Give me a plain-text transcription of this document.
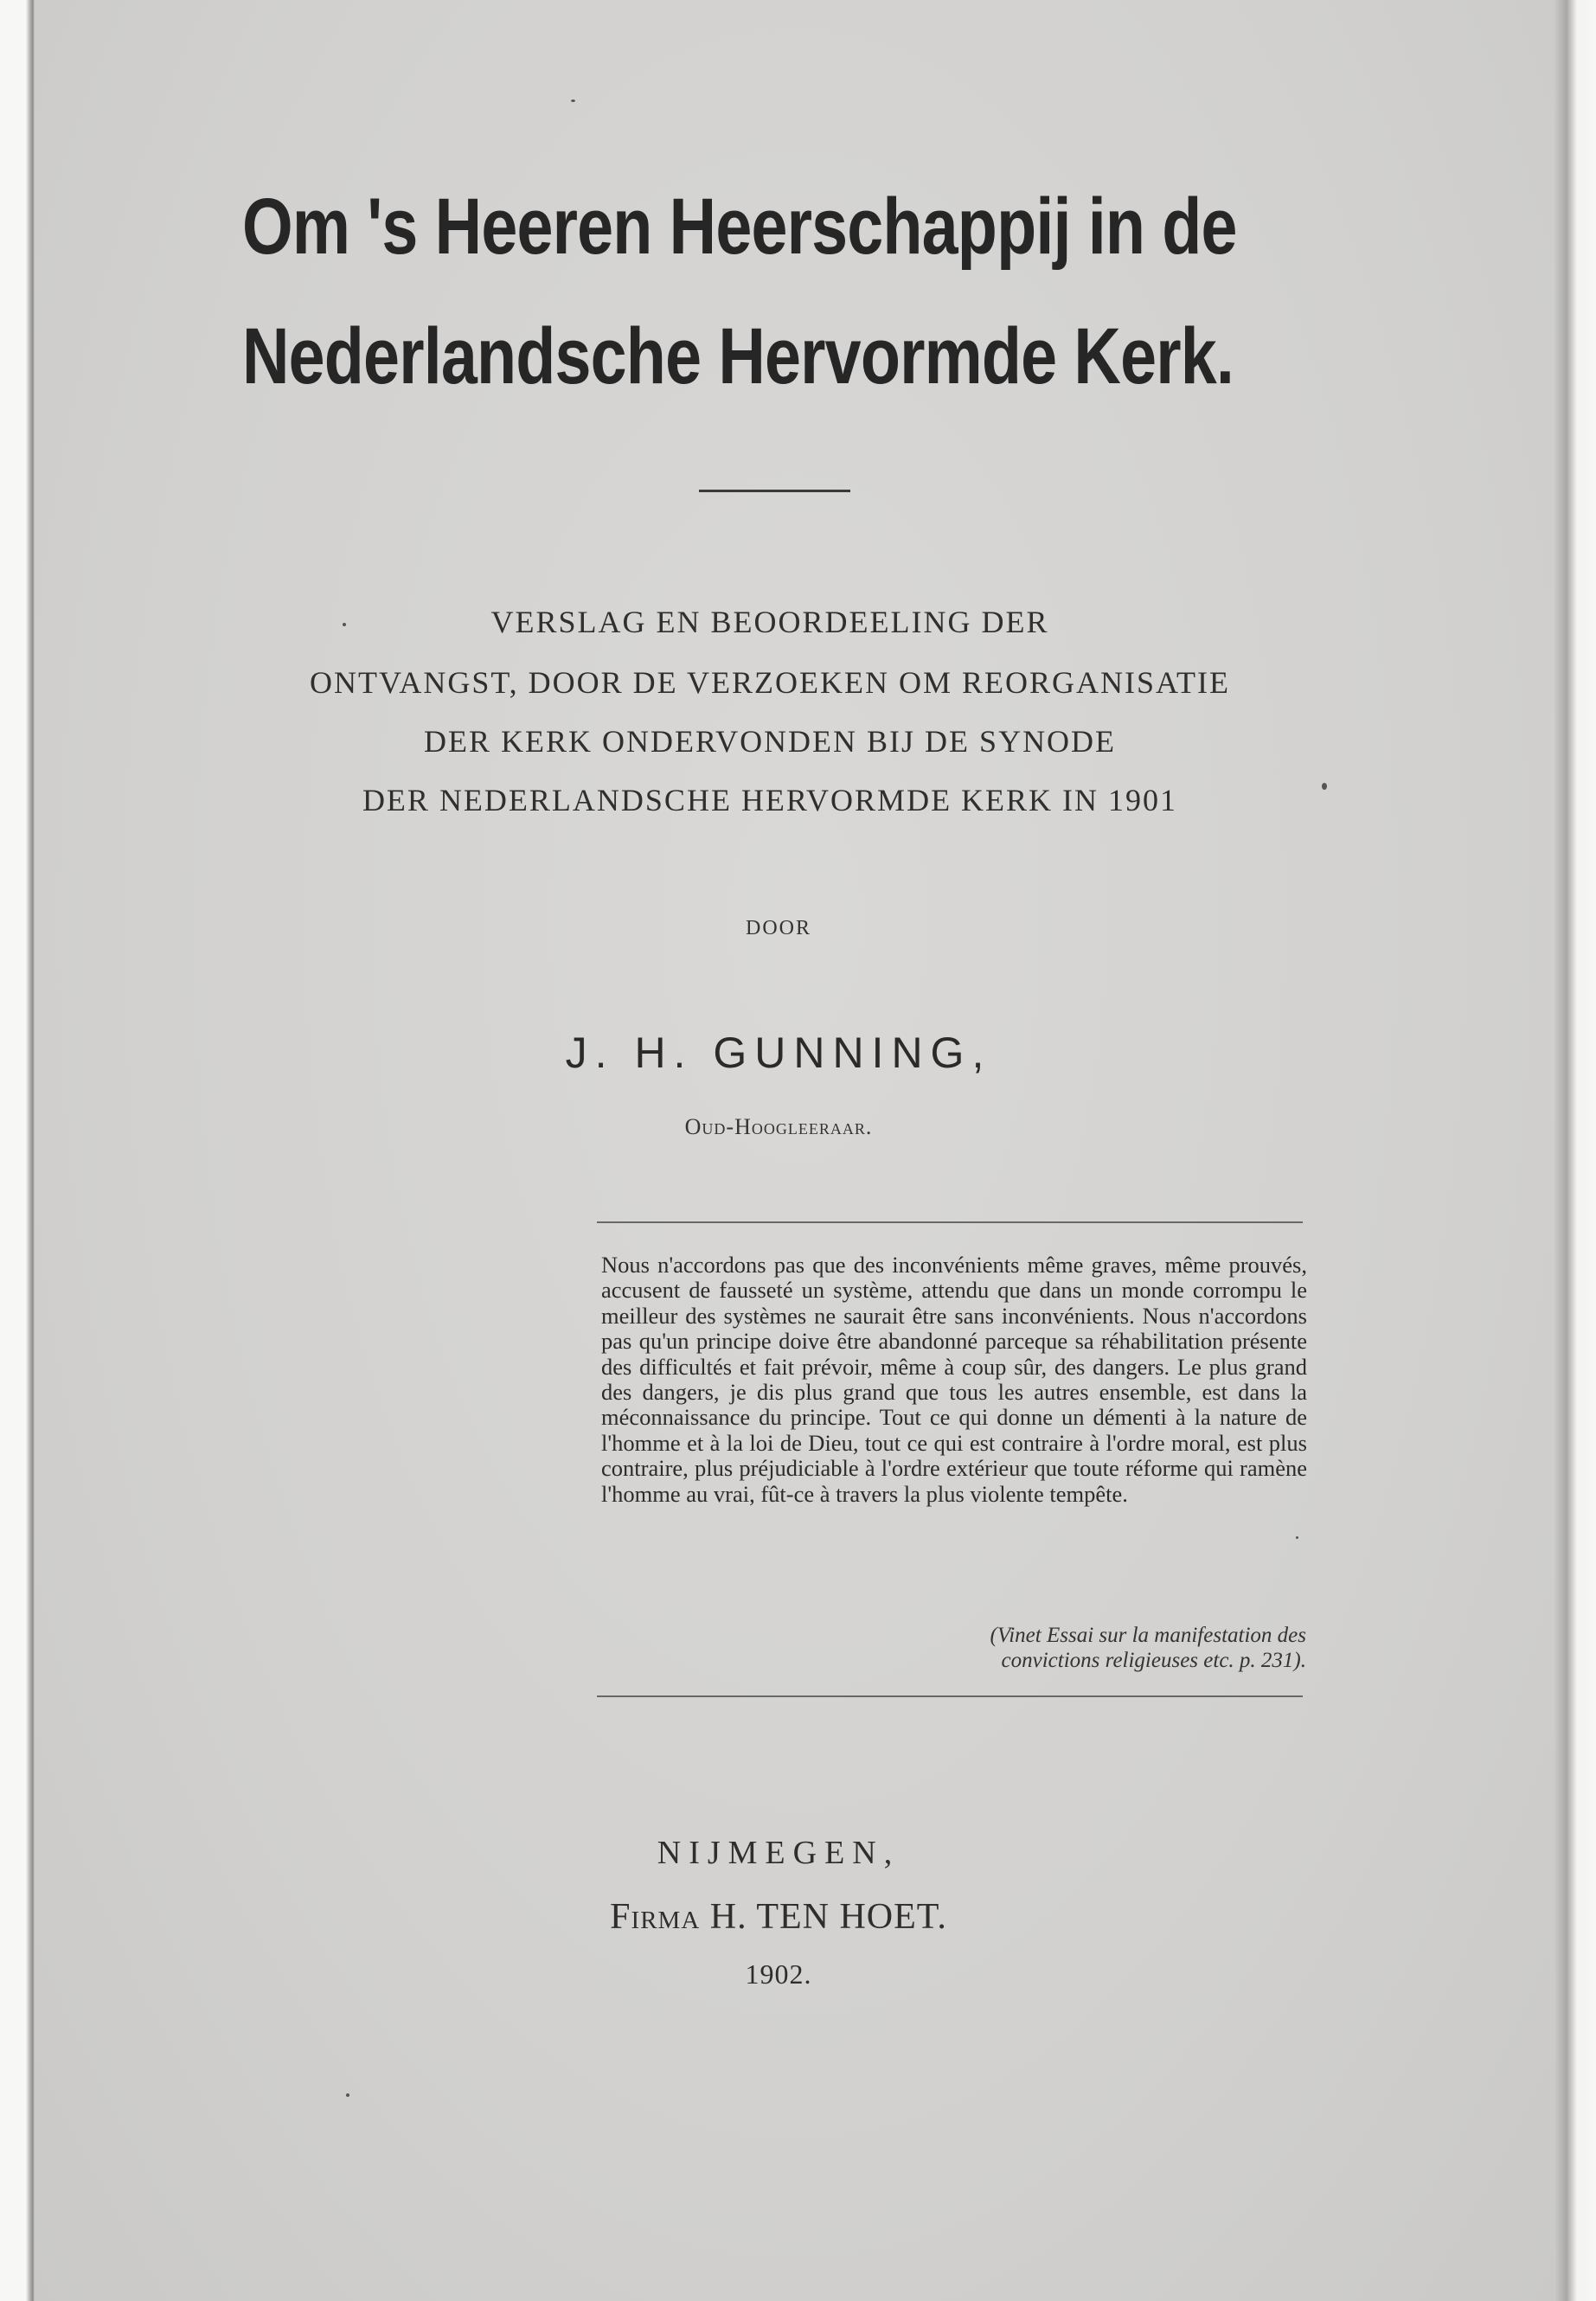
Om 's Heeren Heerschappij in de
Nederlandsche Hervormde Kerk.
VERSLAG EN BEOORDEELING DER
ONTVANGST, DOOR DE VERZOEKEN OM REORGANISATIE
DER KERK ONDERVONDEN BIJ DE SYNODE
DER NEDERLANDSCHE HERVORMDE KERK IN 1901
DOOR
J. H. GUNNING,
Oud-Hoogleeraar.
Nous n'accordons pas que des inconvénients même graves, même prouvés, accusent de fausseté un système, attendu que dans un monde corrompu le meilleur des systèmes ne saurait être sans inconvénients. Nous n'accordons pas qu'un principe doive être abandonné parceque sa réhabilitation présente des difficultés et fait prévoir, même à coup sûr, des dangers. Le plus grand des dangers, je dis plus grand que tous les autres ensemble, est dans la méconnaissance du principe. Tout ce qui donne un démenti à la nature de l'homme et à la loi de Dieu, tout ce qui est contraire à l'ordre moral, est plus contraire, plus préjudiciable à l'ordre extérieur que toute réforme qui ramène l'homme au vrai, fût-ce à travers la plus violente tempête.
(Vinet Essai sur la manifestation des
convictions religieuses etc. p. 231).
NIJMEGEN,
Firma H. TEN HOET.
1902.
